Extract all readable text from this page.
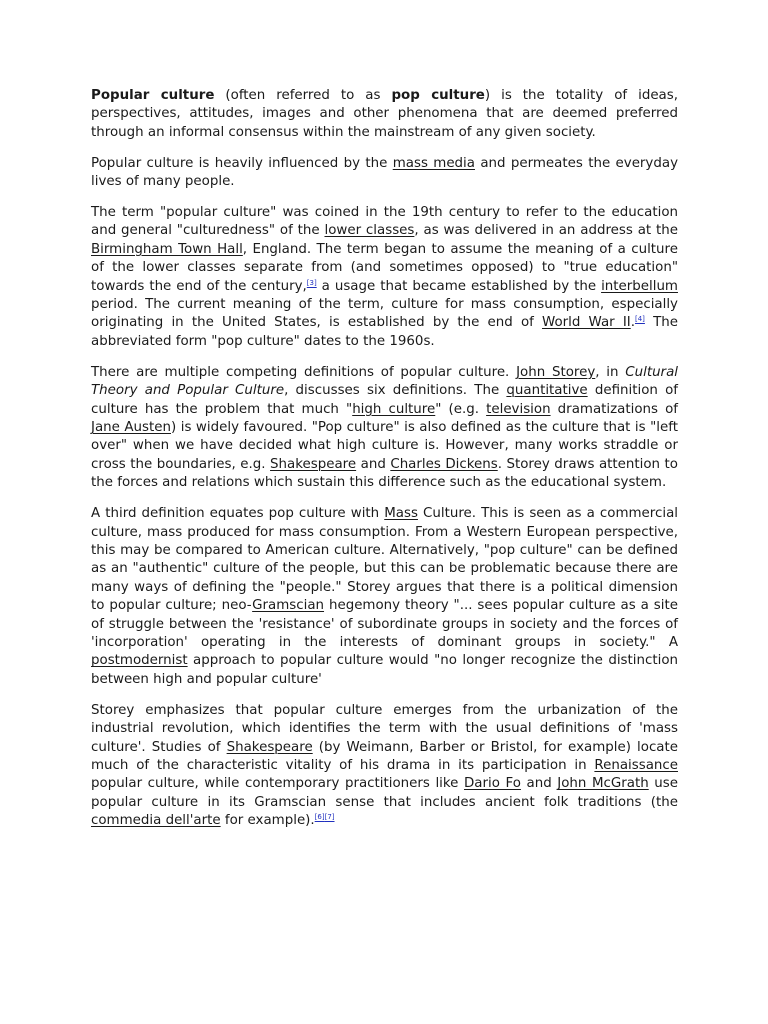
Popular culture (often referred to as pop culture) is the totality of ideas, perspectives, attitudes, images and other phenomena that are deemed preferred through an informal consensus within the mainstream of any given society.

Popular culture is heavily influenced by the mass media and permeates the everyday lives of many people.

The term "popular culture" was coined in the 19th century to refer to the education and general "culturedness" of the lower classes, as was delivered in an address at the Birmingham Town Hall, England. The term began to assume the meaning of a culture of the lower classes separate from (and sometimes opposed) to "true education" towards the end of the century,[3] a usage that became established by the interbellum period. The current meaning of the term, culture for mass consumption, especially originating in the United States, is established by the end of World War II.[4] The abbreviated form "pop culture" dates to the 1960s.

There are multiple competing definitions of popular culture. John Storey, in Cultural Theory and Popular Culture, discusses six definitions. The quantitative definition of culture has the problem that much "high culture" (e.g. television dramatizations of Jane Austen) is widely favoured. "Pop culture" is also defined as the culture that is "left over" when we have decided what high culture is. However, many works straddle or cross the boundaries, e.g. Shakespeare and Charles Dickens. Storey draws attention to the forces and relations which sustain this difference such as the educational system.

A third definition equates pop culture with Mass Culture. This is seen as a commercial culture, mass produced for mass consumption. From a Western European perspective, this may be compared to American culture. Alternatively, "pop culture" can be defined as an "authentic" culture of the people, but this can be problematic because there are many ways of defining the "people." Storey argues that there is a political dimension to popular culture; neo-Gramscian hegemony theory "... sees popular culture as a site of struggle between the 'resistance' of subordinate groups in society and the forces of 'incorporation' operating in the interests of dominant groups in society." A postmodernist approach to popular culture would "no longer recognize the distinction between high and popular culture'

Storey emphasizes that popular culture emerges from the urbanization of the industrial revolution, which identifies the term with the usual definitions of 'mass culture'. Studies of Shakespeare (by Weimann, Barber or Bristol, for example) locate much of the characteristic vitality of his drama in its participation in Renaissance popular culture, while contemporary practitioners like Dario Fo and John McGrath use popular culture in its Gramscian sense that includes ancient folk traditions (the commedia dell'arte for example).[6][7]
